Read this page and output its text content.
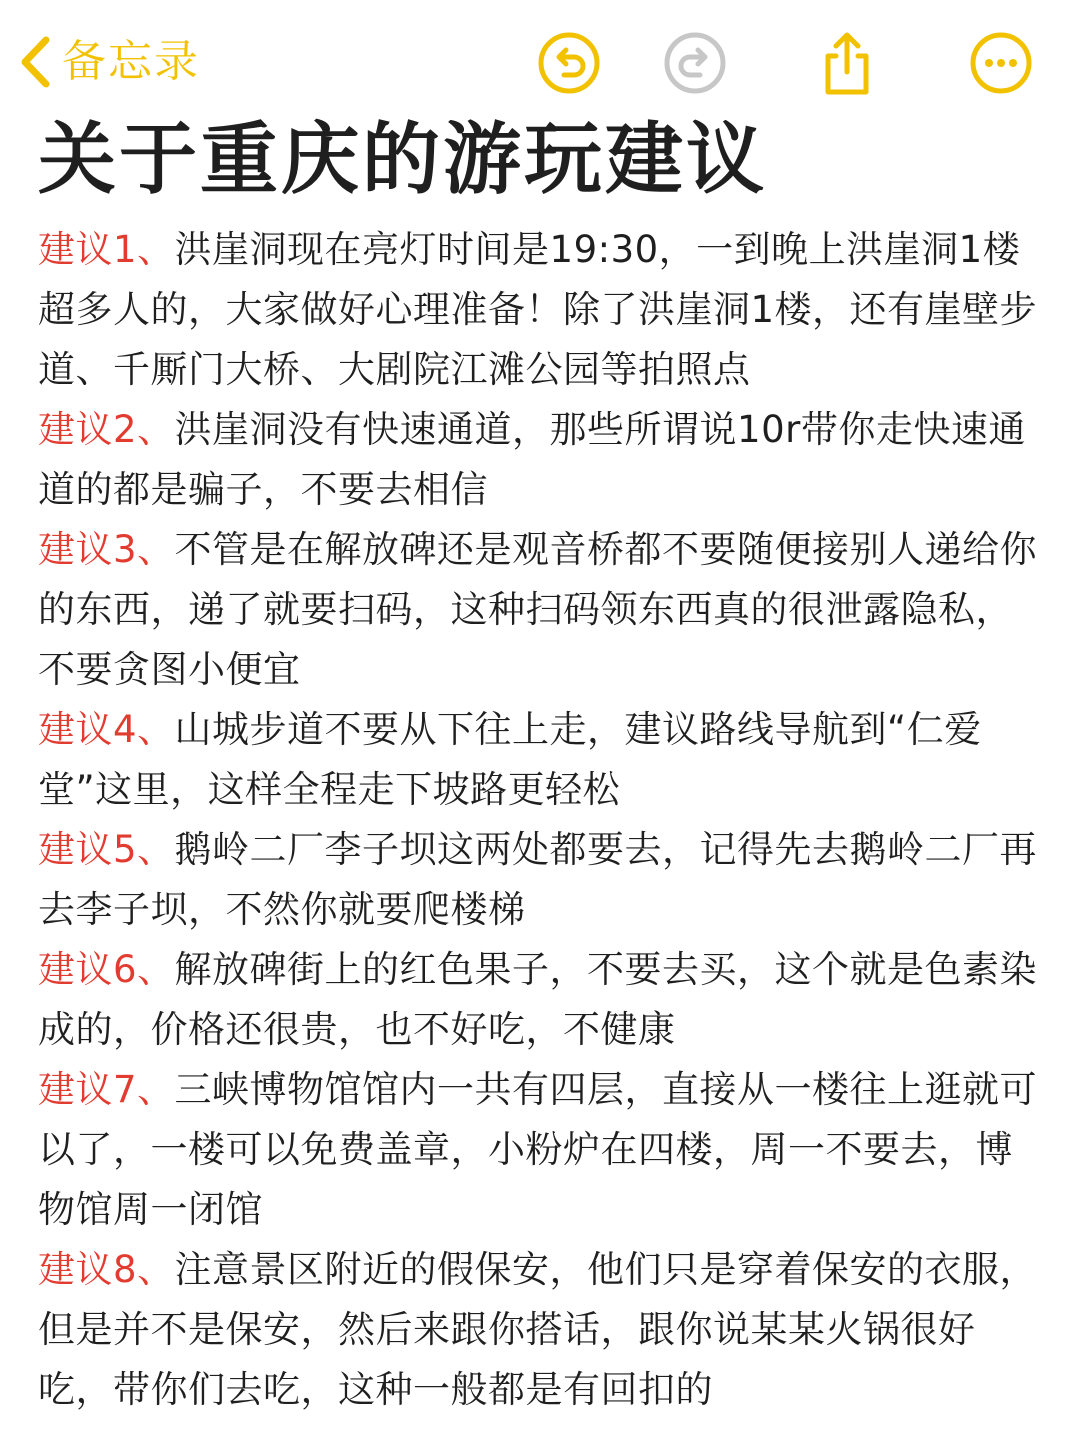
备忘录
关于重庆的游玩建议

建议1、洪崖洞现在亮灯时间是19:30，一到晚上洪崖洞1楼超多人的，大家做好心理准备！除了洪崖洞1楼，还有崖壁步道、千厮门大桥、大剧院江滩公园等拍照点

建议2、洪崖洞没有快速通道，那些所谓说10r带你走快速通道的都是骗子，不要去相信

建议3、不管是在解放碑还是观音桥都不要随便接别人递给你的东西，递了就要扫码，这种扫码领东西真的很泄露隐私，不要贪图小便宜

建议4、山城步道不要从下往上走，建议路线导航到“仁爱堂”这里，这样全程走下坡路更轻松

建议5、鹅岭二厂李子坝这两处都要去，记得先去鹅岭二厂再去李子坝，不然你就要爬楼梯

建议6、解放碑街上的红色果子，不要去买，这个就是色素染成的，价格还很贵，也不好吃，不健康

建议7、三峡博物馆馆内一共有四层，直接从一楼往上逛就可以了，一楼可以免费盖章，小粉炉在四楼，周一不要去，博物馆周一闭馆

建议8、注意景区附近的假保安，他们只是穿着保安的衣服，但是并不是保安，然后来跟你搭话，跟你说某某火锅很好吃，带你们去吃，这种一般都是有回扣的
